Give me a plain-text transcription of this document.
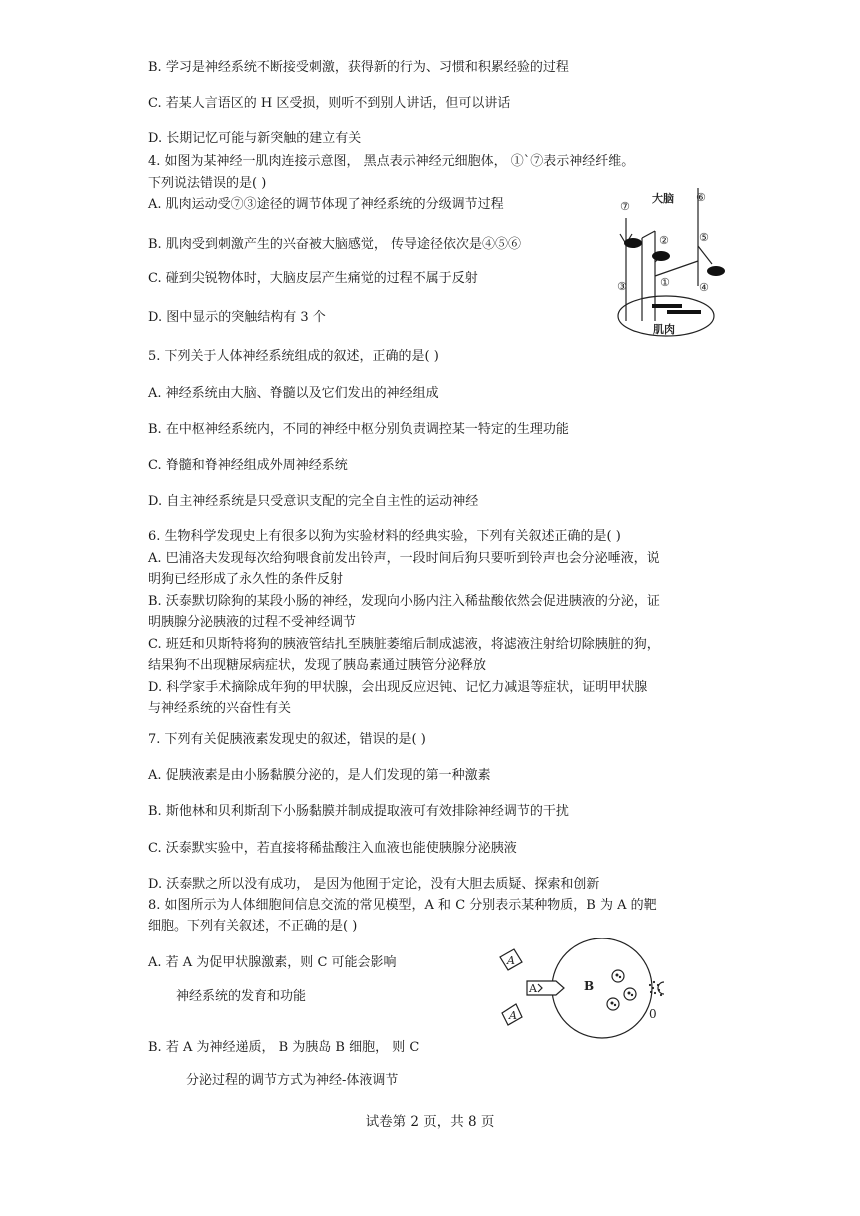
B. 学习是神经系统不断接受刺激，获得新的行为、习惯和积累经验的过程
C. 若某人言语区的 H 区受损，则听不到别人讲话，但可以讲话
D. 长期记忆可能与新突触的建立有关
4. 如图为某神经一肌肉连接示意图， 黑点表示神经元细胞体， ①`⑦表示神经纤维。
下列说法错误的是( )
A. 肌肉运动受⑦③途径的调节体现了神经系统的分级调节过程
B. 肌肉受到刺激产生的兴奋被大脑感觉， 传导途径依次是④⑤⑥
C. 碰到尖锐物体时，大脑皮层产生痛觉的过程不属于反射
D. 图中显示的突触结构有 3 个
大脑
肌肉
⑥
⑦
②	⑤
①
③	④
5. 下列关于人体神经系统组成的叙述，正确的是( )
A. 神经系统由大脑、脊髓以及它们发出的神经组成
B. 在中枢神经系统内，不同的神经中枢分别负责调控某一特定的生理功能
C. 脊髓和脊神经组成外周神经系统
D. 自主神经系统是只受意识支配的完全自主性的运动神经
6. 生物科学发现史上有很多以狗为实验材料的经典实验，下列有关叙述正确的是( )
A. 巴浦洛夫发现每次给狗喂食前发出铃声，一段时间后狗只要听到铃声也会分泌唾液，说
明狗已经形成了永久性的条件反射
B. 沃泰默切除狗的某段小肠的神经，发现向小肠内注入稀盐酸依然会促进胰液的分泌，证
明胰腺分泌胰液的过程不受神经调节
C. 班廷和贝斯特将狗的胰液管结扎至胰脏萎缩后制成滤液，将滤液注射给切除胰脏的狗，
结果狗不出现糖尿病症状，发现了胰岛素通过胰管分泌释放
D. 科学家手术摘除成年狗的甲状腺，会出现反应迟钝、记忆力减退等症状，证明甲状腺
与神经系统的兴奋性有关
7. 下列有关促胰液素发现史的叙述，错误的是( )
A. 促胰液素是由小肠黏膜分泌的，是人们发现的第一种激素
B. 斯他林和贝利斯刮下小肠黏膜并制成提取液可有效排除神经调节的干扰
C. 沃泰默实验中，若直接将稀盐酸注入血液也能使胰腺分泌胰液
D. 沃泰默之所以没有成功， 是因为他囿于定论，没有大胆去质疑、探索和创新
8. 如图所示为人体细胞间信息交流的常见模型，A 和 C 分别表示某种物质，B 为 A 的靶
细胞。下列有关叙述，不正确的是( )
A. 若 A 为促甲状腺激素，则 C 可能会影响
神经系统的发育和功能
B. 若 A 为神经递质， B 为胰岛 B 细胞， 则 C
分泌过程的调节方式为神经-体液调节
A
A
A	B
0
试卷第 2 页，共 8 页
